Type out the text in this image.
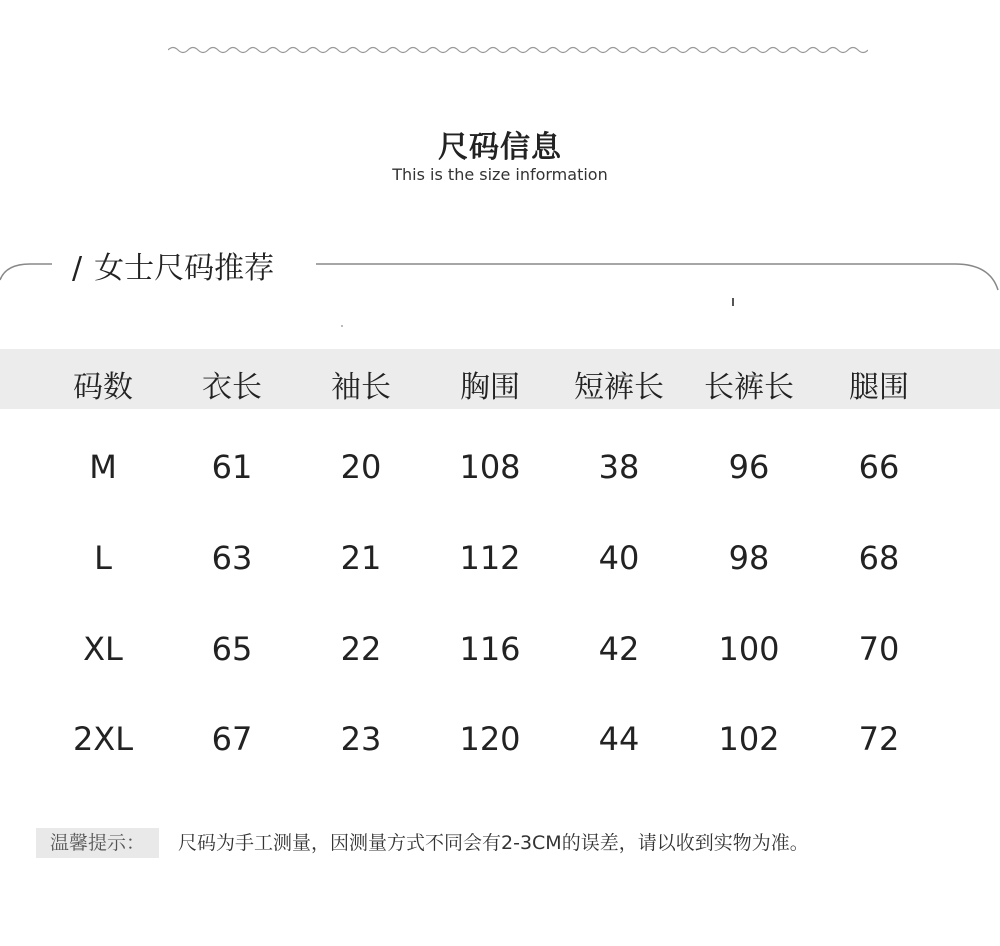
尺码信息
This is the size information
/ 女士尺码推荐
码数	衣长	袖长	胸围	短裤长	长裤长	腿围
M	61	20	108	38	96	66
L	63	21	112	40	98	68
XL	65	22	116	42	100	70
2XL	67	23	120	44	102	72
温馨提示：	尺码为手工测量，因测量方式不同会有2-3CM的误差，请以收到实物为准。
